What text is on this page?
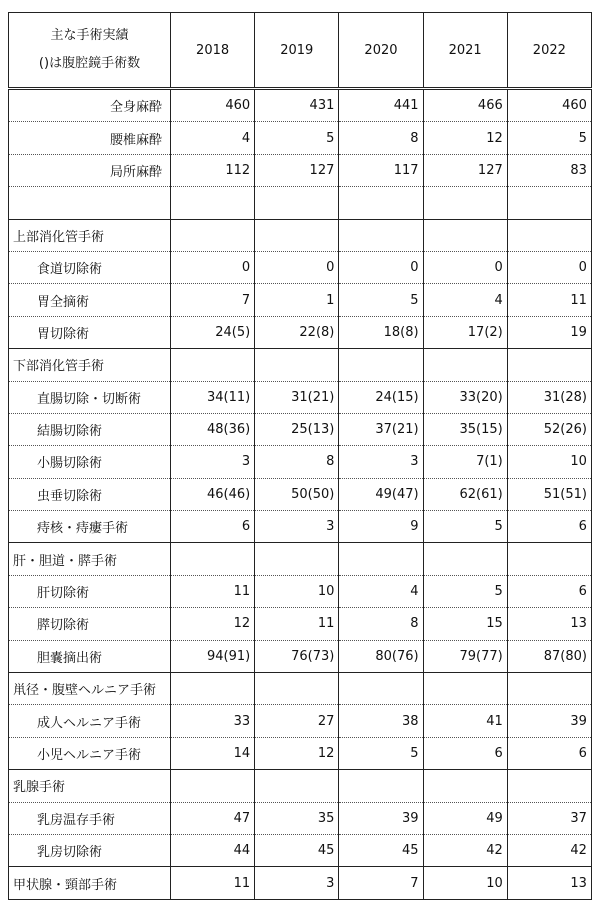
主な手術実績
()は腹腔鏡手術数	2018	2019	2020	2021	2022
全身麻酔	460	431	441	466	460
腰椎麻酔	4	5	8	12	5
局所麻酔	112	127	117	127	83

上部消化管手術					
食道切除術	0	0	0	0	0
胃全摘術	7	1	5	4	11
胃切除術	24(5)	22(8)	18(8)	17(2)	19
下部消化管手術					
直腸切除・切断術	34(11)	31(21)	24(15)	33(20)	31(28)
結腸切除術	48(36)	25(13)	37(21)	35(15)	52(26)
小腸切除術	3	8	3	7(1)	10
虫垂切除術	46(46)	50(50)	49(47)	62(61)	51(51)
痔核・痔瘻手術	6	3	9	5	6
肝・胆道・膵手術					
肝切除術	11	10	4	5	6
膵切除術	12	11	8	15	13
胆嚢摘出術	94(91)	76(73)	80(76)	79(77)	87(80)
鼡径・腹壁ヘルニア手術					
成人ヘルニア手術	33	27	38	41	39
小児ヘルニア手術	14	12	5	6	6
乳腺手術					
乳房温存手術	47	35	39	49	37
乳房切除術	44	45	45	42	42
甲状腺・頸部手術	11	3	7	10	13
